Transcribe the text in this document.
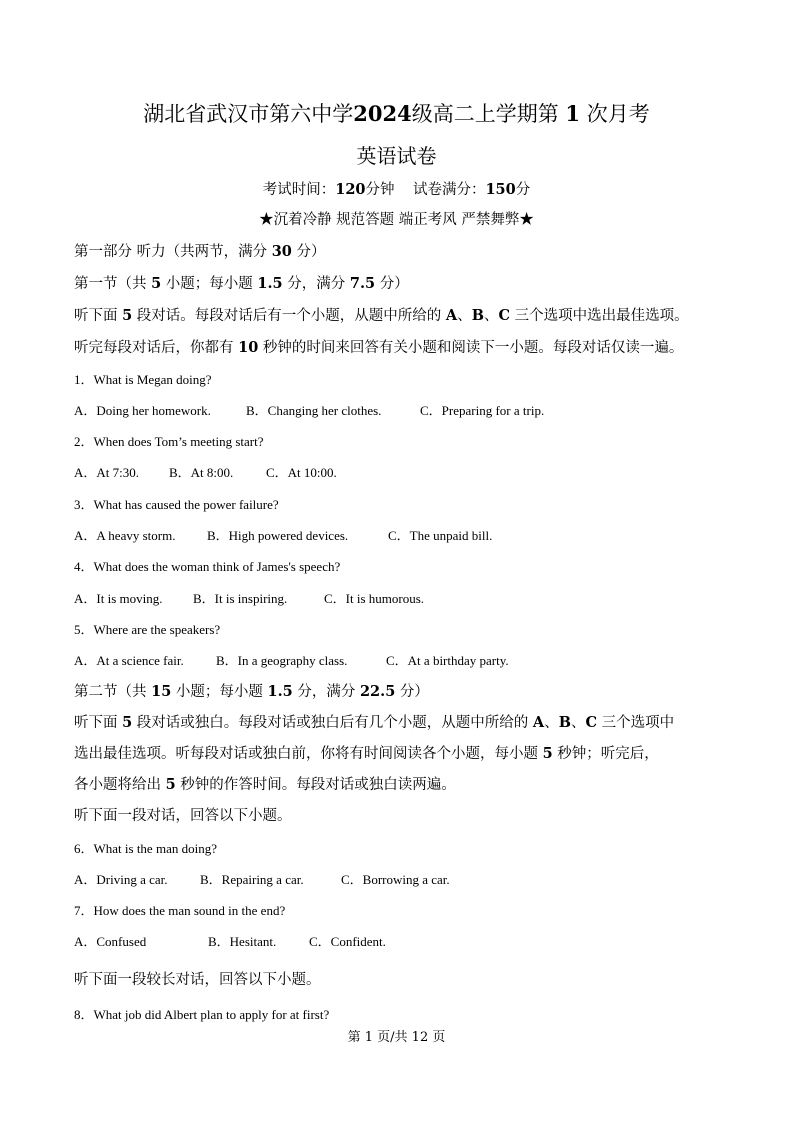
湖北省武汉市第六中学2024级高二上学期第 1 次月考
英语试卷
考试时间：120分钟 试卷满分：150分
★沉着冷静 规范答题 端正考风 严禁舞弊★
第一部分 听力（共两节，满分 30 分）
第一节（共 5 小题；每小题 1.5 分，满分 7.5 分）
听下面 5 段对话。每段对话后有一个小题，从题中所给的 A、B、C 三个选项中选出最佳选项。
听完每段对话后，你都有 10 秒钟的时间来回答有关小题和阅读下一小题。每段对话仅读一遍。
1．What is Megan doing?
A．Doing her homework.	B．Changing her clothes.	C．Preparing for a trip.
2．When does Tom’s meeting start?
A．At 7:30. B．At 8:00.	C．At 10:00.
3．What has caused the power failure?
A．A heavy storm. B．High powered devices.	C．The unpaid bill.
4．What does the woman think of James's speech?
A．It is moving. B．It is inspiring.	C．It is humorous.
5．Where are the speakers?
A．At a science fair. B．In a geography class.	C．At a birthday party.
第二节（共 15 小题；每小题 1.5 分，满分 22.5 分）
听下面 5 段对话或独白。每段对话或独白后有几个小题，从题中所给的 A、B、C 三个选项中
选出最佳选项。听每段对话或独白前，你将有时间阅读各个小题，每小题 5 秒钟；听完后，
各小题将给出 5 秒钟的作答时间。每段对话或独白读两遍。
听下面一段对话，回答以下小题。
6．What is the man doing?
A．Driving a car. B．Repairing a car.	C．Borrowing a car.
7．How does the man sound in the end?
A．Confused	B．Hesitant.	C．Confident.
听下面一段较长对话，回答以下小题。
8．What job did Albert plan to apply for at first?
第 1 页/共 12 页
